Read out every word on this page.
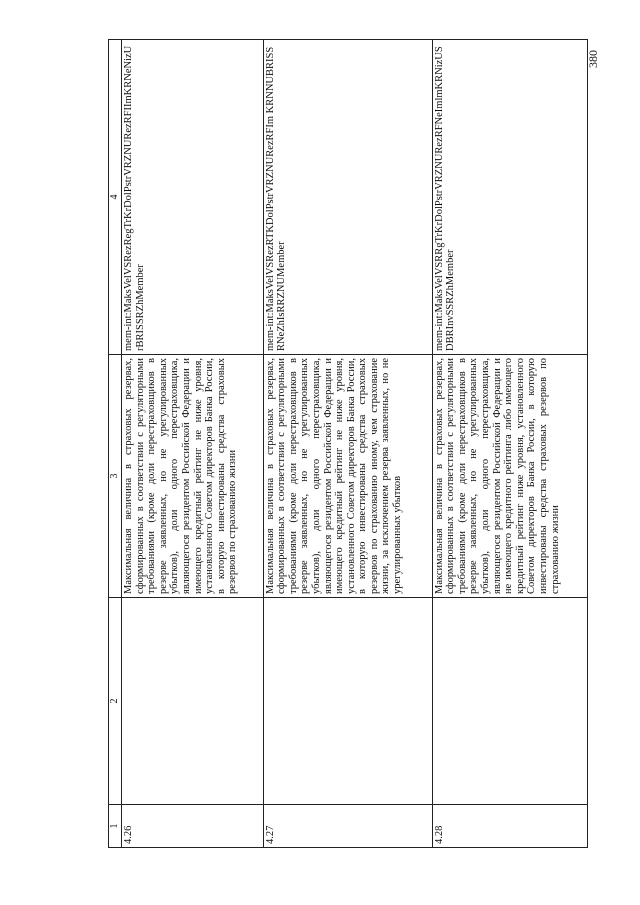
1	2	3	4
4.26		Максимальная величина в страховых резервах, сформированных в соответствии с регуляторными требованиями (кроме доли перестраховщиков в резерве заявленных, но не урегулированных убытков), доли одного перестраховщика, являющегося резидентом Российской Федерации и имеющего кредитный рейтинг не ниже уровня, установленного Советом директоров Банка России, в которую инвестированы средства страховых резервов по страхованию жизни	mem-int:MaksVelVSRezRegTrKrDolPstrVRZNURezRFIImKRNeNizUrBRISSRZhMember
4.27		Максимальная величина в страховых резервах, сформированных в соответствии с регуляторными требованиями (кроме доли перестраховщиков в резерве заявленных, но не урегулированных убытков), доли одного перестраховщика, являющегося резидентом Российской Федерации и имеющего кредитный рейтинг не ниже уровня, установленного Советом директоров Банка России, в которую инвестированы средства страховых резервов по страхованию иному, чем страхование жизни, за исключением резерва заявленных, но не урегулированных убытков	mem-int:MaksVelVSRezRTKDolPstrVRZNURezRFIm KRNNUBRISSRNeZhIsRRZNUMember
4.28		Максимальная величина в страховых резервах, сформированных в соответствии с регуляторными требованиями (кроме доли перестраховщиков в резерве заявленных, но не урегулированных убытков), доли одного перестраховщика, являющегося резидентом Российской Федерации и не имеющего кредитного рейтинга либо имеющего кредитный рейтинг ниже уровня, установленного Советом директоров Банка России, в которую инвестированы средства страховых резервов по страхованию жизни	mem-int:MaksVelVSRRgTrKrDolPstrVRZNURezRFNeImlmKRNizUSDBRInvSSRZhMember
380
